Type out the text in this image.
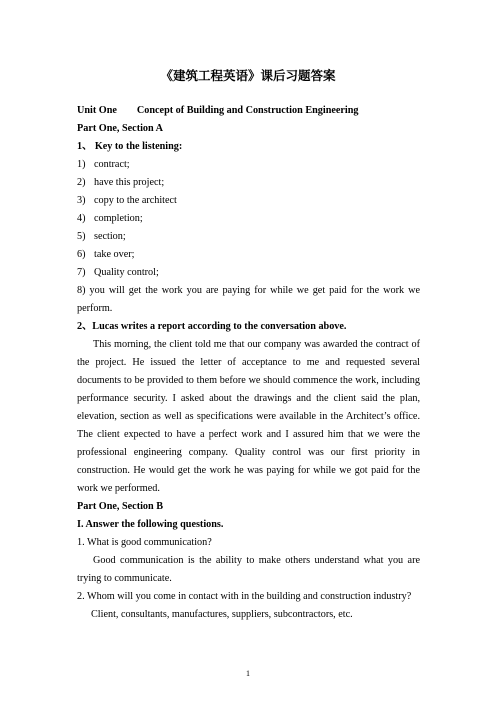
《建筑工程英语》课后习题答案

Unit One Concept of Building and Construction Engineering

Part One, Section A

1、 Key to the listening:

1) contract;
2) have this project;
3) copy to the architect
4) completion;
5) section;
6) take over;
7) Quality control;

8) you will get the work you are paying for while we get paid for the work we perform.

2、Lucas writes a report according to the conversation above.

This morning, the client told me that our company was awarded the contract of the project. He issued the letter of acceptance to me and requested several documents to be provided to them before we should commence the work, including performance security. I asked about the drawings and the client said the plan, elevation, section as well as specifications were available in the Architect’s office. The client expected to have a perfect work and I assured him that we were the professional engineering company. Quality control was our first priority in construction. He would get the work he was paying for while we got paid for the work we performed.

Part One, Section B

I. Answer the following questions.

1. What is good communication?

Good communication is the ability to make others understand what you are trying to communicate.

2. Whom will you come in contact with in the building and construction industry?

Client, consultants, manufactures, suppliers, subcontractors, etc.

1
